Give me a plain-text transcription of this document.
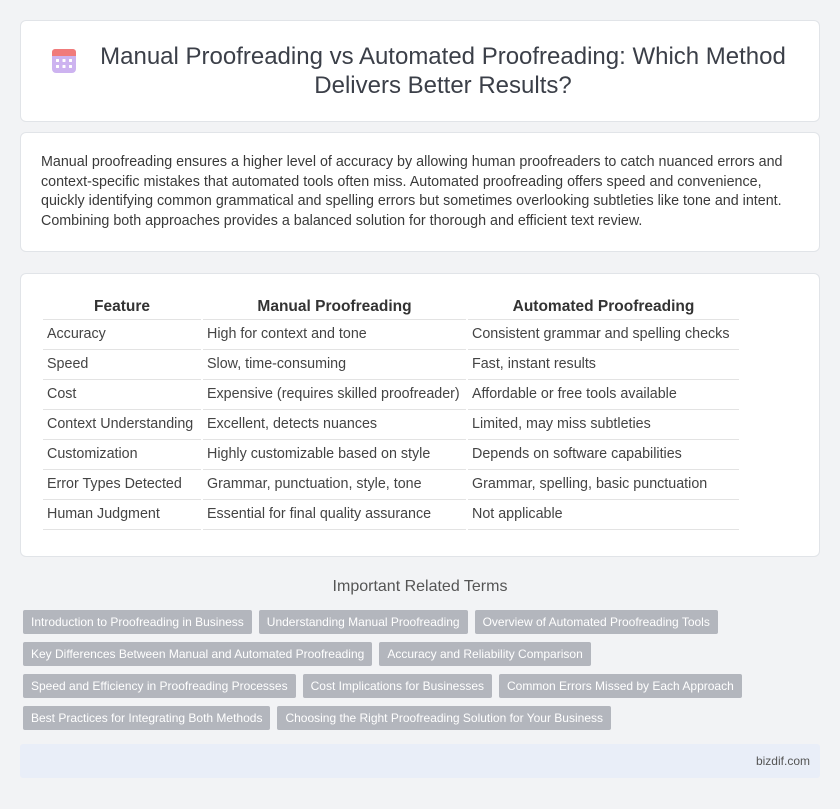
Manual Proofreading vs Automated Proofreading: Which Method Delivers Better Results?

Manual proofreading ensures a higher level of accuracy by allowing human proofreaders to catch nuanced errors and context-specific mistakes that automated tools often miss. Automated proofreading offers speed and convenience, quickly identifying common grammatical and spelling errors but sometimes overlooking subtleties like tone and intent. Combining both approaches provides a balanced solution for thorough and efficient text review.

Feature	Manual Proofreading	Automated Proofreading
Accuracy	High for context and tone	Consistent grammar and spelling checks
Speed	Slow, time-consuming	Fast, instant results
Cost	Expensive (requires skilled proofreader)	Affordable or free tools available
Context Understanding	Excellent, detects nuances	Limited, may miss subtleties
Customization	Highly customizable based on style	Depends on software capabilities
Error Types Detected	Grammar, punctuation, style, tone	Grammar, spelling, basic punctuation
Human Judgment	Essential for final quality assurance	Not applicable
Important Related Terms
Introduction to Proofreading in Business	Understanding Manual Proofreading	Overview of Automated Proofreading Tools
Key Differences Between Manual and Automated Proofreading	Accuracy and Reliability Comparison
Speed and Efficiency in Proofreading Processes	Cost Implications for Businesses	Common Errors Missed by Each Approach
Best Practices for Integrating Both Methods	Choosing the Right Proofreading Solution for Your Business
bizdif.com
